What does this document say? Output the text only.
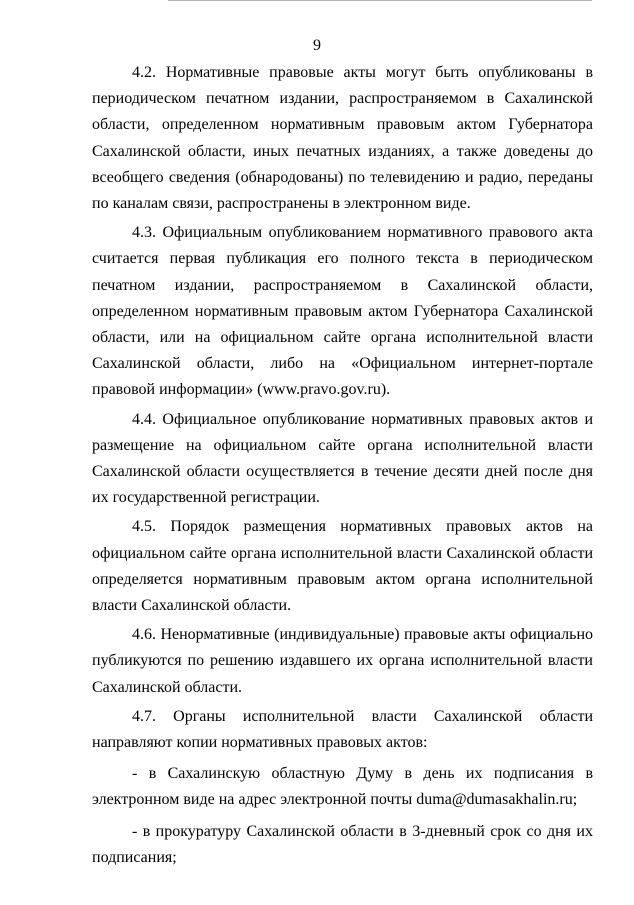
9

4.2. Нормативные правовые акты могут быть опубликованы в периодическом печатном издании, распространяемом в Сахалинской области, определенном нормативным правовым актом Губернатора Сахалинской области, иных печатных изданиях, а также доведены до всеобщего сведения (обнародованы) по телевидению и радио, переданы по каналам связи, распространены в электронном виде.

4.3. Официальным опубликованием нормативного правового акта считается первая публикация его полного текста в периодическом печатном издании, распространяемом в Сахалинской области, определенном нормативным правовым актом Губернатора Сахалинской области, или на официальном сайте органа исполнительной власти Сахалинской области, либо на «Официальном интернет-портале правовой информации» (www.pravo.gov.ru).

4.4. Официальное опубликование нормативных правовых актов и размещение на официальном сайте органа исполнительной власти Сахалинской области осуществляется в течение десяти дней после дня их государственной регистрации.

4.5. Порядок размещения нормативных правовых актов на официальном сайте органа исполнительной власти Сахалинской области определяется нормативным правовым актом органа исполнительной власти Сахалинской области.

4.6. Ненормативные (индивидуальные) правовые акты официально публикуются по решению издавшего их органа исполнительной власти Сахалинской области.

4.7. Органы исполнительной власти Сахалинской области направляют копии нормативных правовых актов:

- в Сахалинскую областную Думу в день их подписания в электронном виде на адрес электронной почты duma@dumasakhalin.ru;

- в прокуратуру Сахалинской области в 3-дневный срок со дня их подписания;
